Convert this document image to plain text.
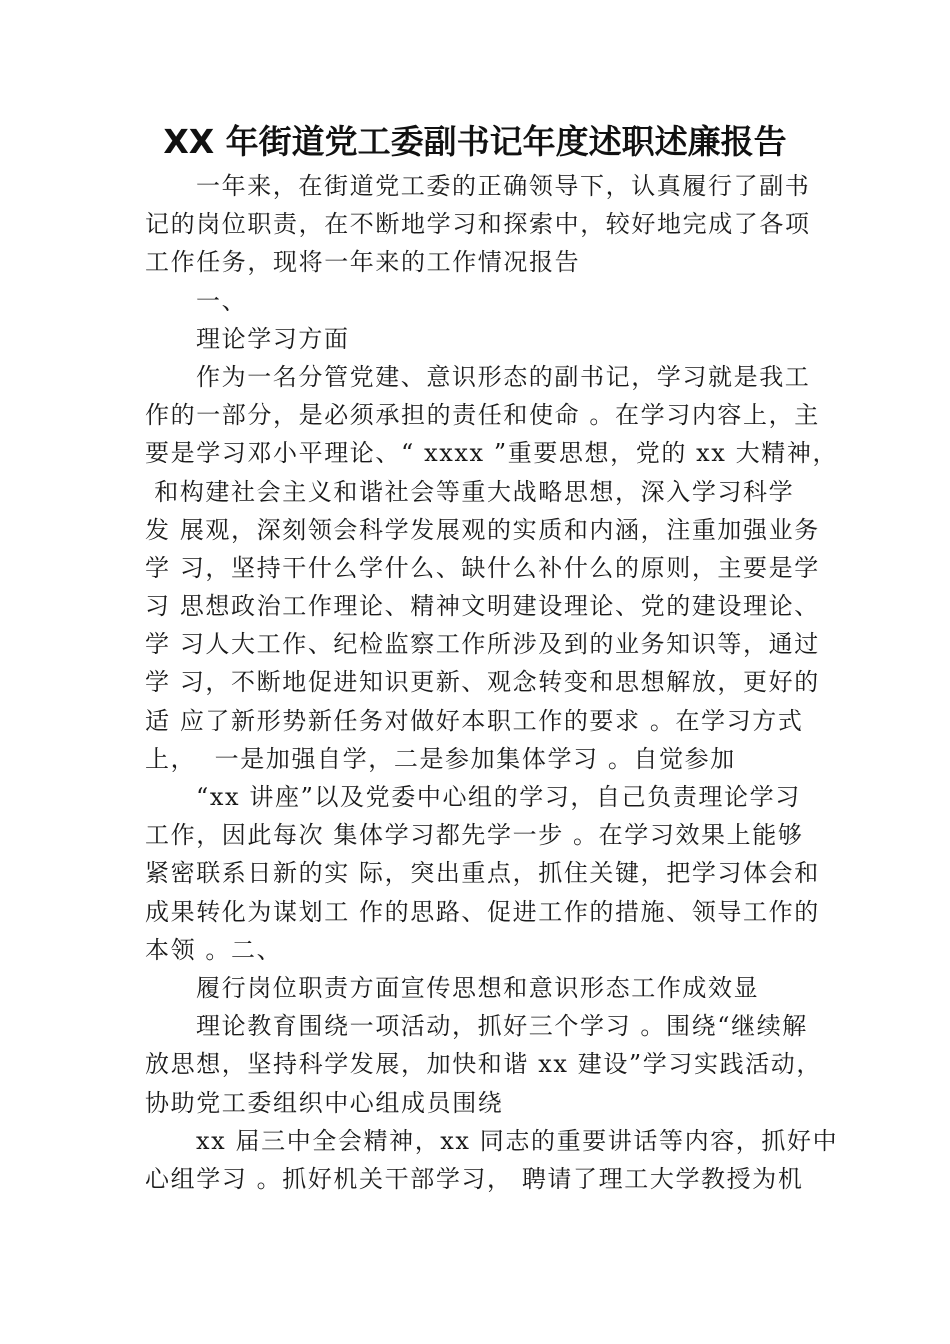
XX 年街道党工委副书记年度述职述廉报告
一年来，在街道党工委的正确领导下，认真履行了副书
记的岗位职责，在不断地学习和探索中，较好地完成了各项
工作任务，现将一年来的工作情况报告
一、
理论学习方面
作为一名分管党建、意识形态的副书记，学习就是我工
作的一部分，是必须承担的责任和使命 。在学习内容上，主
要是学习邓小平理论、“ xxxx ”重要思想，党的 xx 大精神，
和构建社会主义和谐社会等重大战略思想，深入学习科学
发 展观，深刻领会科学发展观的实质和内涵，注重加强业务
学 习，坚持干什么学什么、缺什么补什么的原则，主要是学
习 思想政治工作理论、精神文明建设理论、党的建设理论、
学 习人大工作、纪检监察工作所涉及到的业务知识等，通过
学 习，不断地促进知识更新、观念转变和思想解放，更好的
适 应了新形势新任务对做好本职工作的要求 。在学习方式
上，  一是加强自学，二是参加集体学习 。自觉参加
“xx 讲座”以及党委中心组的学习，自己负责理论学习
工作，因此每次 集体学习都先学一步 。在学习效果上能够
紧密联系日新的实 际，突出重点，抓住关键，把学习体会和
成果转化为谋划工 作的思路、促进工作的措施、领导工作的
本领 。二、
履行岗位职责方面宣传思想和意识形态工作成效显
理论教育围绕一项活动，抓好三个学习 。围绕“继续解
放思想，坚持科学发展，加快和谐 xx 建设”学习实践活动，
协助党工委组织中心组成员围绕
xx 届三中全会精神，xx 同志的重要讲话等内容，抓好中
心组学习 。抓好机关干部学习， 聘请了理工大学教授为机
